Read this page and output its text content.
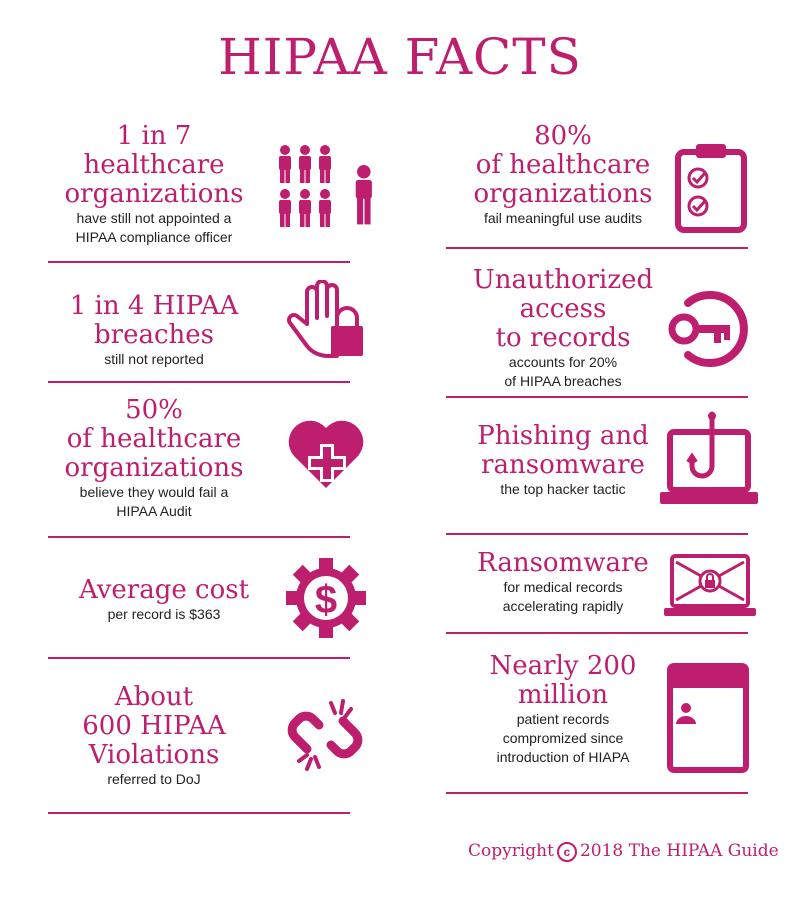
HIPAA FACTS
1 in 7
healthcare
organizations
have still not appointed a
HIPAA compliance officer
1 in 4 HIPAA
breaches
still not reported
50%
of healthcare
organizations
believe they would fail a
HIPAA Audit
Average cost
per record is $363	$
About
600 HIPAA
Violations
referred to DoJ
80%
of healthcare
organizations
fail meaningful use audits
Unauthorized
access
to records
accounts for 20%
of HIPAA breaches
Phishing and
ransomware
the top hacker tactic
Ransomware
for medical records
accelerating rapidly
Nearly 200
million
patient records
compromized since
introduction of HIAPA
Copyright c 2018 The HIPAA Guide
